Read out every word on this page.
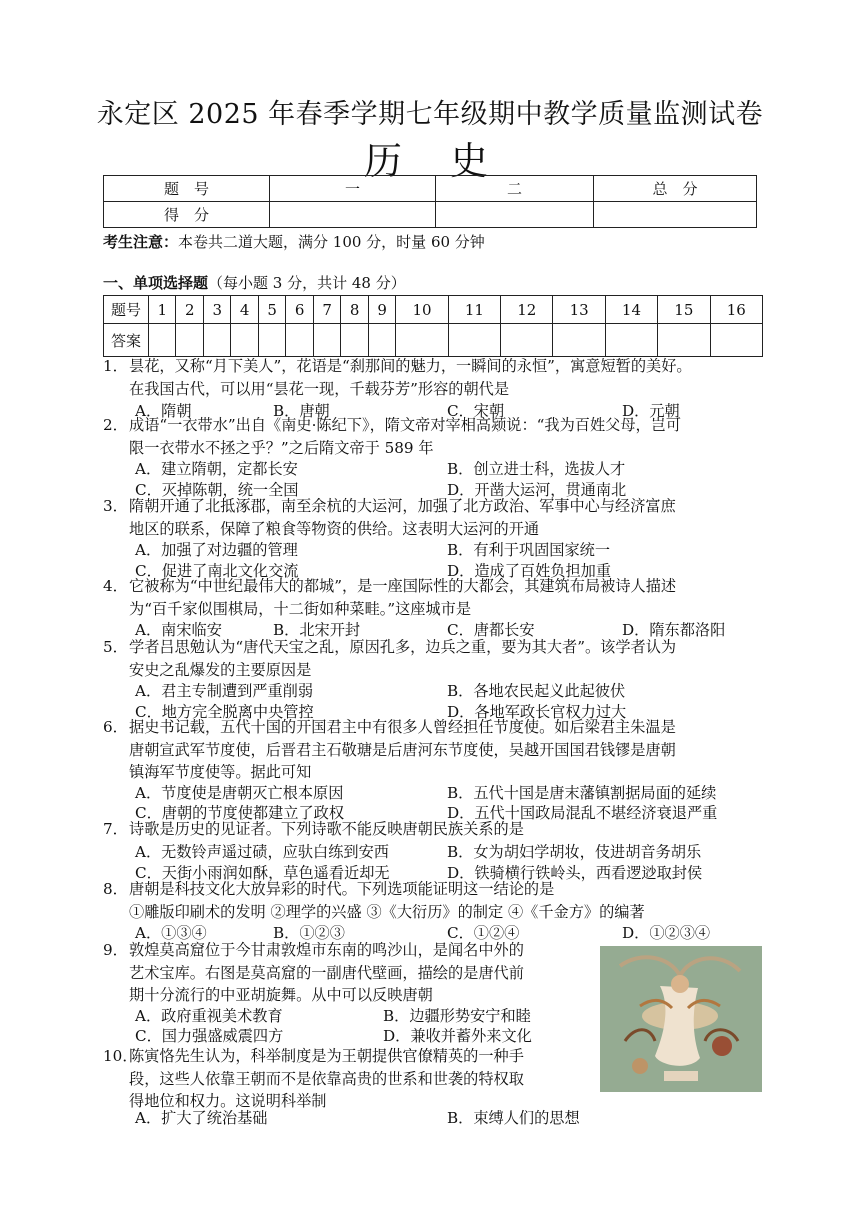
永定区 2025 年春季学期七年级期中教学质量监测试卷
历史
题　号	一	二	总　分
得　分			
考生注意：本卷共二道大题，满分 100 分，时量 60 分钟
一、单项选择题（每小题 3 分，共计 48 分）
题号	1	2	3	4	5	6	7	8	9	10	11	12	13	14	15	16
答案																
1．昙花，又称“月下美人”，花语是“刹那间的魅力，一瞬间的永恒”，寓意短暂的美好。
在我国古代，可以用“昙花一现，千载芬芳”形容的朝代是
A．隋朝	B．唐朝	C．宋朝	D．元朝
2．成语“一衣带水”出自《南史·陈纪下》，隋文帝对宰相高颎说：“我为百姓父母，岂可
限一衣带水不拯之乎？”之后隋文帝于 589 年
A．建立隋朝，定都长安	B．创立进士科，选拔人才
C．灭掉陈朝，统一全国	D．开凿大运河，贯通南北
3．隋朝开通了北抵涿郡，南至余杭的大运河，加强了北方政治、军事中心与经济富庶
地区的联系，保障了粮食等物资的供给。这表明大运河的开通
A．加强了对边疆的管理	B．有利于巩固国家统一
C．促进了南北文化交流	D．造成了百姓负担加重
4．它被称为“中世纪最伟大的都城”，是一座国际性的大都会，其建筑布局被诗人描述
为“百千家似围棋局，十二街如种菜畦。”这座城市是
A．南宋临安	B．北宋开封	C．唐都长安	D．隋东都洛阳
5．学者吕思勉认为“唐代天宝之乱，原因孔多，边兵之重，要为其大者”。该学者认为
安史之乱爆发的主要原因是
A．君主专制遭到严重削弱	B．各地农民起义此起彼伏
C．地方完全脱离中央管控	D．各地军政长官权力过大
6．据史书记载，五代十国的开国君主中有很多人曾经担任节度使。如后梁君主朱温是
唐朝宣武军节度使，后晋君主石敬瑭是后唐河东节度使，吴越开国国君钱镠是唐朝
镇海军节度使等。据此可知
A．节度使是唐朝灭亡根本原因	B．五代十国是唐末藩镇割据局面的延续
C．唐朝的节度使都建立了政权	D．五代十国政局混乱不堪经济衰退严重
7．诗歌是历史的见证者。下列诗歌不能反映唐朝民族关系的是
A．无数铃声遥过碛，应驮白练到安西	B．女为胡妇学胡妆，伎进胡音务胡乐
C．天街小雨润如酥，草色遥看近却无	D．铁骑横行铁岭头，西看逻逤取封侯
8．唐朝是科技文化大放异彩的时代。下列选项能证明这一结论的是
①雕版印刷术的发明 ②理学的兴盛 ③《大衍历》的制定 ④《千金方》的编著
A．①③④	B．①②③	C．①②④	D．①②③④
9．敦煌莫高窟位于今甘肃敦煌市东南的鸣沙山，是闻名中外的
艺术宝库。右图是莫高窟的一副唐代壁画，描绘的是唐代前
期十分流行的中亚胡旋舞。从中可以反映唐朝
A．政府重视美术教育	B．边疆形势安宁和睦
C．国力强盛威震四方	D．兼收并蓄外来文化
10．陈寅恪先生认为，科举制度是为王朝提供官僚精英的一种手
段，这些人依靠王朝而不是依靠高贵的世系和世袭的特权取
得地位和权力。这说明科举制
A．扩大了统治基础	B．束缚人们的思想
